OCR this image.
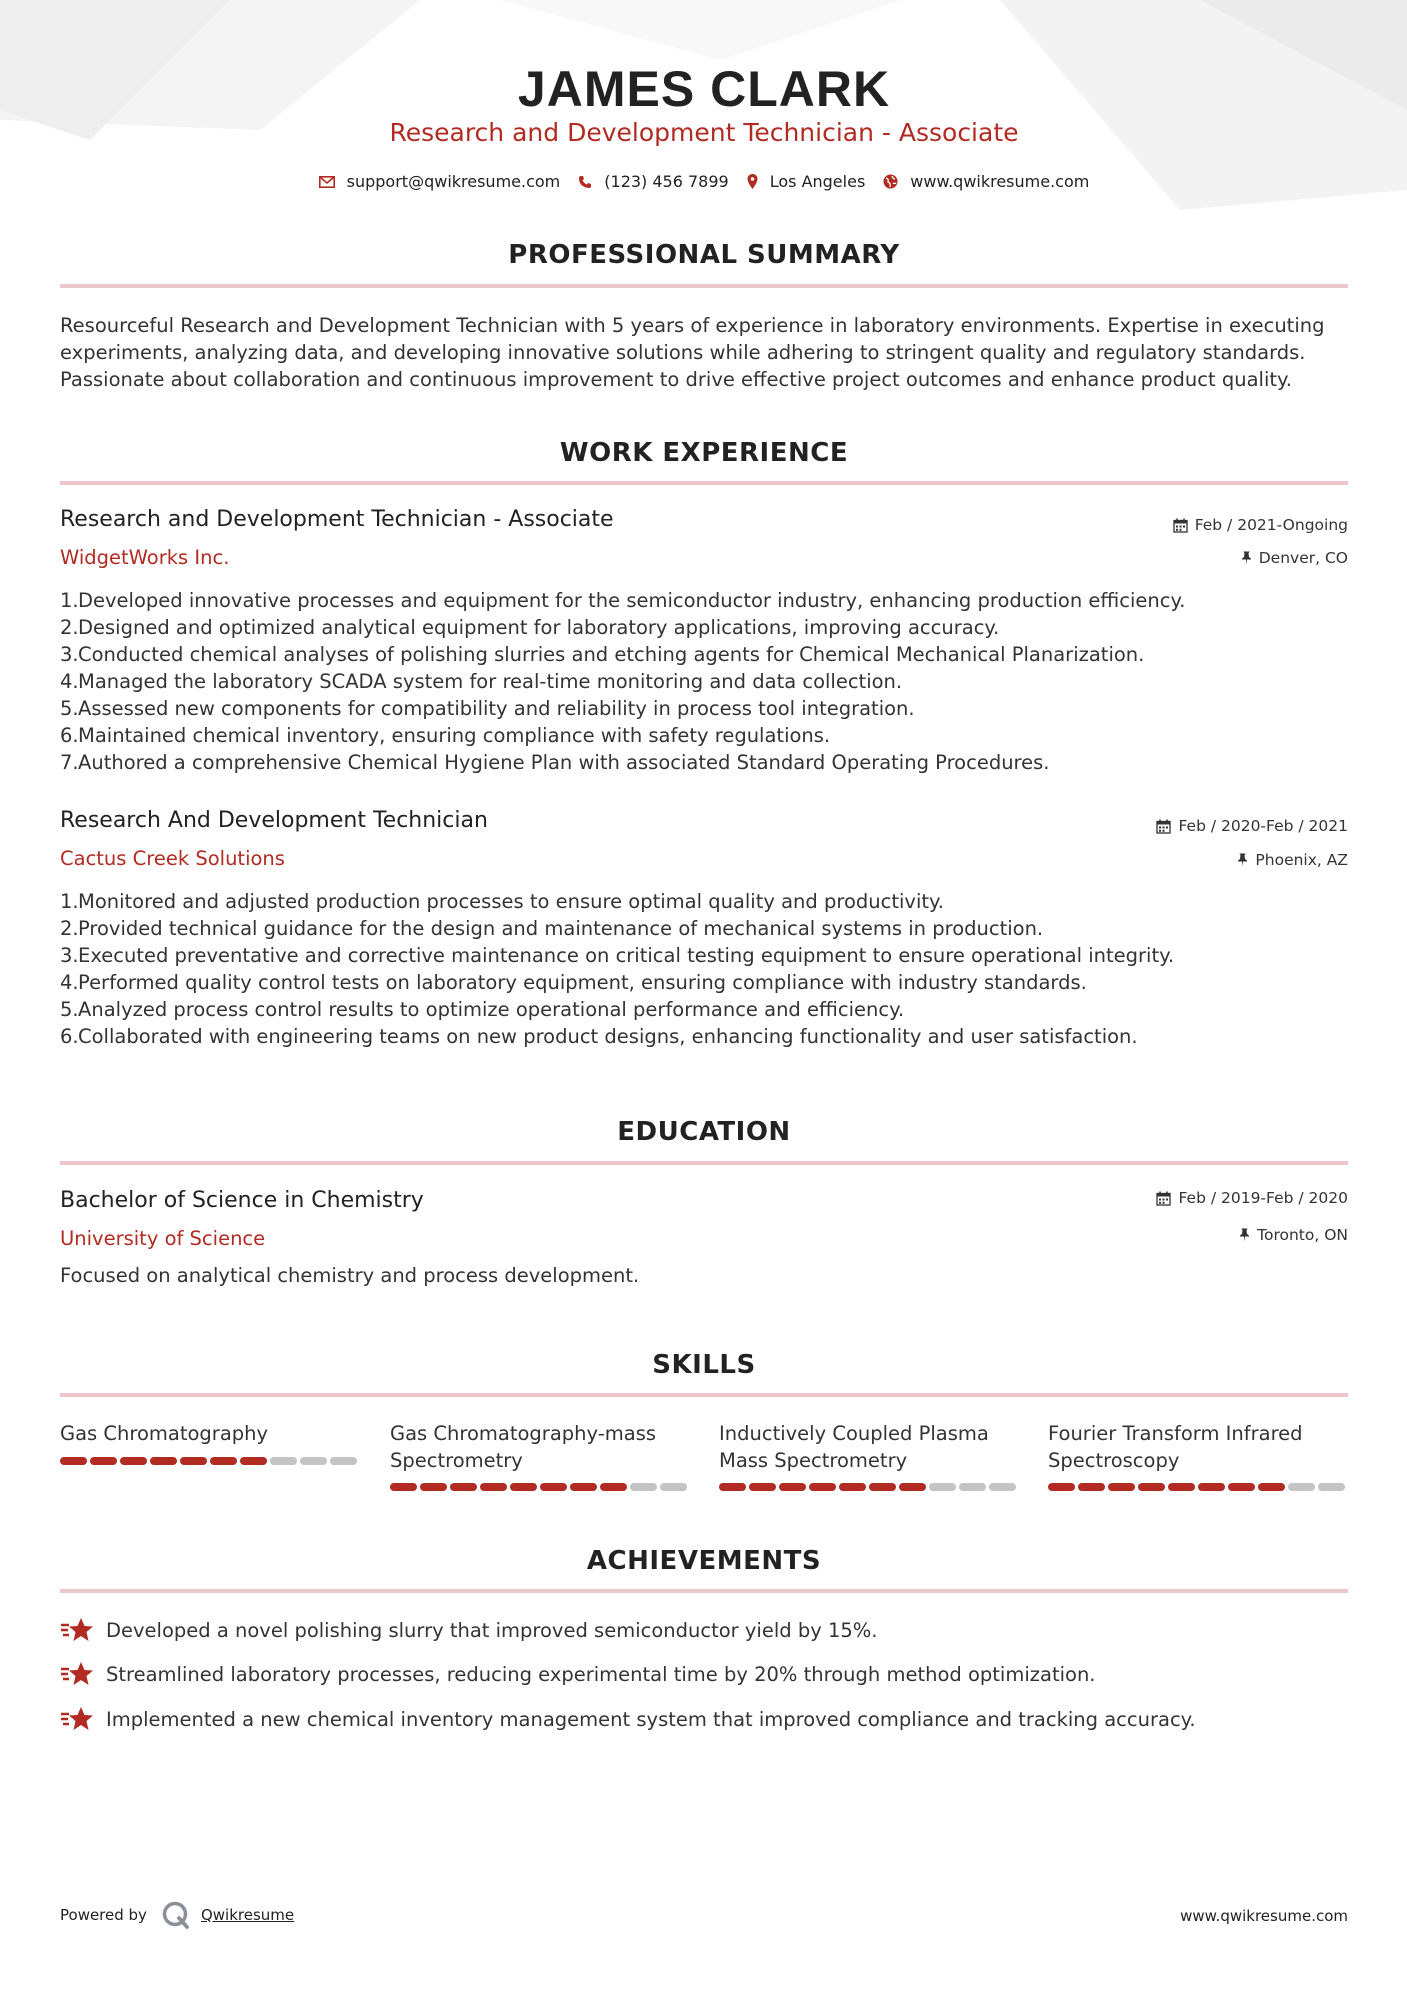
JAMES CLARK
Research and Development Technician - Associate
support@qwikresume.com	(123) 456 7899	Los Angeles	www.qwikresume.com
PROFESSIONAL SUMMARY
Resourceful Research and Development Technician with 5 years of experience in laboratory environments. Expertise in executing
experiments, analyzing data, and developing innovative solutions while adhering to stringent quality and regulatory standards.
Passionate about collaboration and continuous improvement to drive effective project outcomes and enhance product quality.
WORK EXPERIENCE
Research and Development Technician - Associate
WidgetWorks Inc.
Feb / 2021-Ongoing
Denver, CO
1. Developed innovative processes and equipment for the semiconductor industry, enhancing production efficiency.
2. Designed and optimized analytical equipment for laboratory applications, improving accuracy.
3. Conducted chemical analyses of polishing slurries and etching agents for Chemical Mechanical Planarization.
4. Managed the laboratory SCADA system for real-time monitoring and data collection.
5. Assessed new components for compatibility and reliability in process tool integration.
6. Maintained chemical inventory, ensuring compliance with safety regulations.
7. Authored a comprehensive Chemical Hygiene Plan with associated Standard Operating Procedures.
Research And Development Technician
Cactus Creek Solutions
Feb / 2020-Feb / 2021
Phoenix, AZ
1. Monitored and adjusted production processes to ensure optimal quality and productivity.
2. Provided technical guidance for the design and maintenance of mechanical systems in production.
3. Executed preventative and corrective maintenance on critical testing equipment to ensure operational integrity.
4. Performed quality control tests on laboratory equipment, ensuring compliance with industry standards.
5. Analyzed process control results to optimize operational performance and efficiency.
6. Collaborated with engineering teams on new product designs, enhancing functionality and user satisfaction.
EDUCATION
Bachelor of Science in Chemistry
University of Science
Feb / 2019-Feb / 2020
Toronto, ON
Focused on analytical chemistry and process development.
SKILLS
Gas Chromatography	Gas Chromatography-mass
Spectrometry
Inductively Coupled Plasma
Mass Spectrometry
Fourier Transform Infrared
Spectroscopy
ACHIEVEMENTS
Developed a novel polishing slurry that improved semiconductor yield by 15%.
Streamlined laboratory processes, reducing experimental time by 20% through method optimization.
Implemented a new chemical inventory management system that improved compliance and tracking accuracy.
Powered by	Qwikresume	www.qwikresume.com
